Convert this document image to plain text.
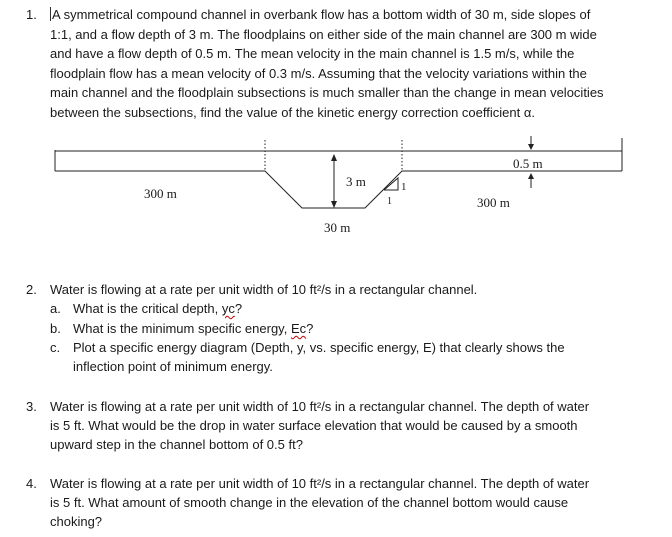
1. A symmetrical compound channel in overbank flow has a bottom width of 30 m, side slopes of
1:1, and a flow depth of 3 m. The floodplains on either side of the main channel are 300 m wide
and have a flow depth of 0.5 m. The mean velocity in the main channel is 1.5 m/s, while the
floodplain flow has a mean velocity of 0.3 m/s. Assuming that the velocity variations within the
main channel and the floodplain subsections is much smaller than the change in mean velocities
between the subsections, find the value of the kinetic energy correction coefficient α.
300 m
300 m
3 m
0.5 m
30 m
1
1
2. Water is flowing at a rate per unit width of 10 ft²/s in a rectangular channel.
a. What is the critical depth, yᴄ?
b. What is the minimum specific energy, Eᴄ?
c. Plot a specific energy diagram (Depth, y, vs. specific energy, E) that clearly shows the
inflection point of minimum energy.
3. Water is flowing at a rate per unit width of 10 ft²/s in a rectangular channel. The depth of water
is 5 ft. What would be the drop in water surface elevation that would be caused by a smooth
upward step in the channel bottom of 0.5 ft?
4. Water is flowing at a rate per unit width of 10 ft²/s in a rectangular channel. The depth of water
is 5 ft. What amount of smooth change in the elevation of the channel bottom would cause
choking?
